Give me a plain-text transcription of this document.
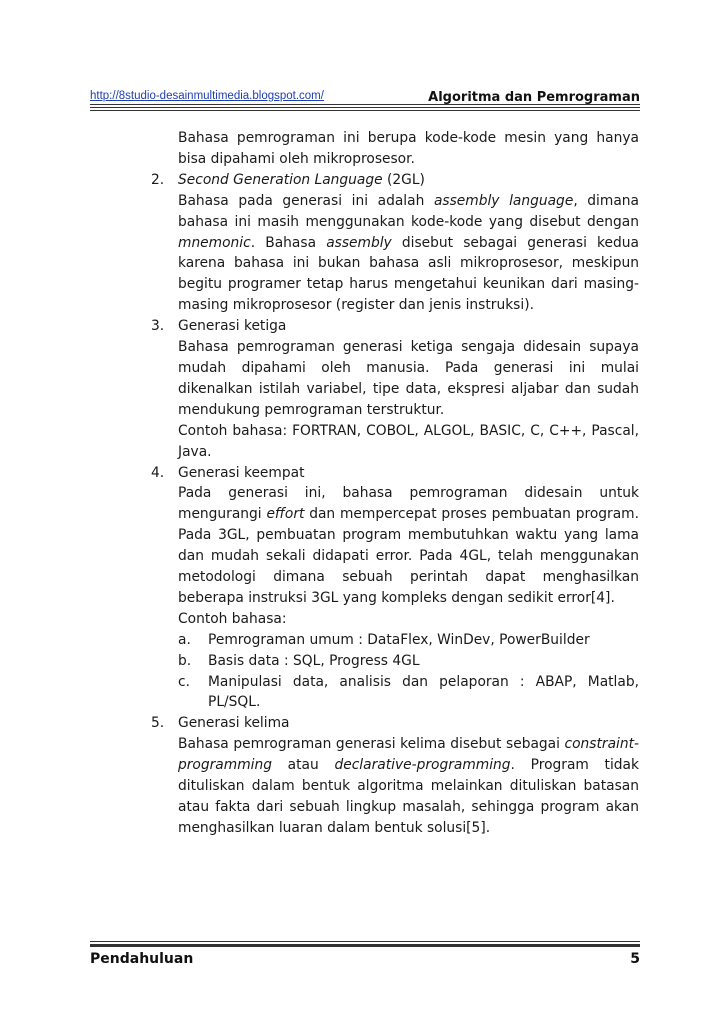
http://8studio-desainmultimedia.blogspot.com/	Algoritma dan Pemrograman
Bahasa pemrograman ini berupa kode-kode mesin yang hanya bisa dipahami oleh mikroprosesor.
2. Second Generation Language (2GL)
Bahasa pada generasi ini adalah assembly language, dimana bahasa ini masih menggunakan kode-kode yang disebut dengan mnemonic. Bahasa assembly disebut sebagai generasi kedua karena bahasa ini bukan bahasa asli mikroprosesor, meskipun begitu programer tetap harus mengetahui keunikan dari masing-masing mikroprosesor (register dan jenis instruksi).
3. Generasi ketiga
Bahasa pemrograman generasi ketiga sengaja didesain supaya mudah dipahami oleh manusia. Pada generasi ini mulai dikenalkan istilah variabel, tipe data, ekspresi aljabar dan sudah mendukung pemrograman terstruktur.
Contoh bahasa: FORTRAN, COBOL, ALGOL, BASIC, C, C++, Pascal, Java.
4. Generasi keempat
Pada generasi ini, bahasa pemrograman didesain untuk mengurangi effort dan mempercepat proses pembuatan program. Pada 3GL, pembuatan program membutuhkan waktu yang lama dan mudah sekali didapati error. Pada 4GL, telah menggunakan metodologi dimana sebuah perintah dapat menghasilkan beberapa instruksi 3GL yang kompleks dengan sedikit error[4].
Contoh bahasa:
a. Pemrograman umum : DataFlex, WinDev, PowerBuilder
b. Basis data : SQL, Progress 4GL
c. Manipulasi data, analisis dan pelaporan : ABAP, Matlab, PL/SQL.
5. Generasi kelima
Bahasa pemrograman generasi kelima disebut sebagai constraint-programming atau declarative-programming. Program tidak dituliskan dalam bentuk algoritma melainkan dituliskan batasan atau fakta dari sebuah lingkup masalah, sehingga program akan menghasilkan luaran dalam bentuk solusi[5].
Pendahuluan	5
